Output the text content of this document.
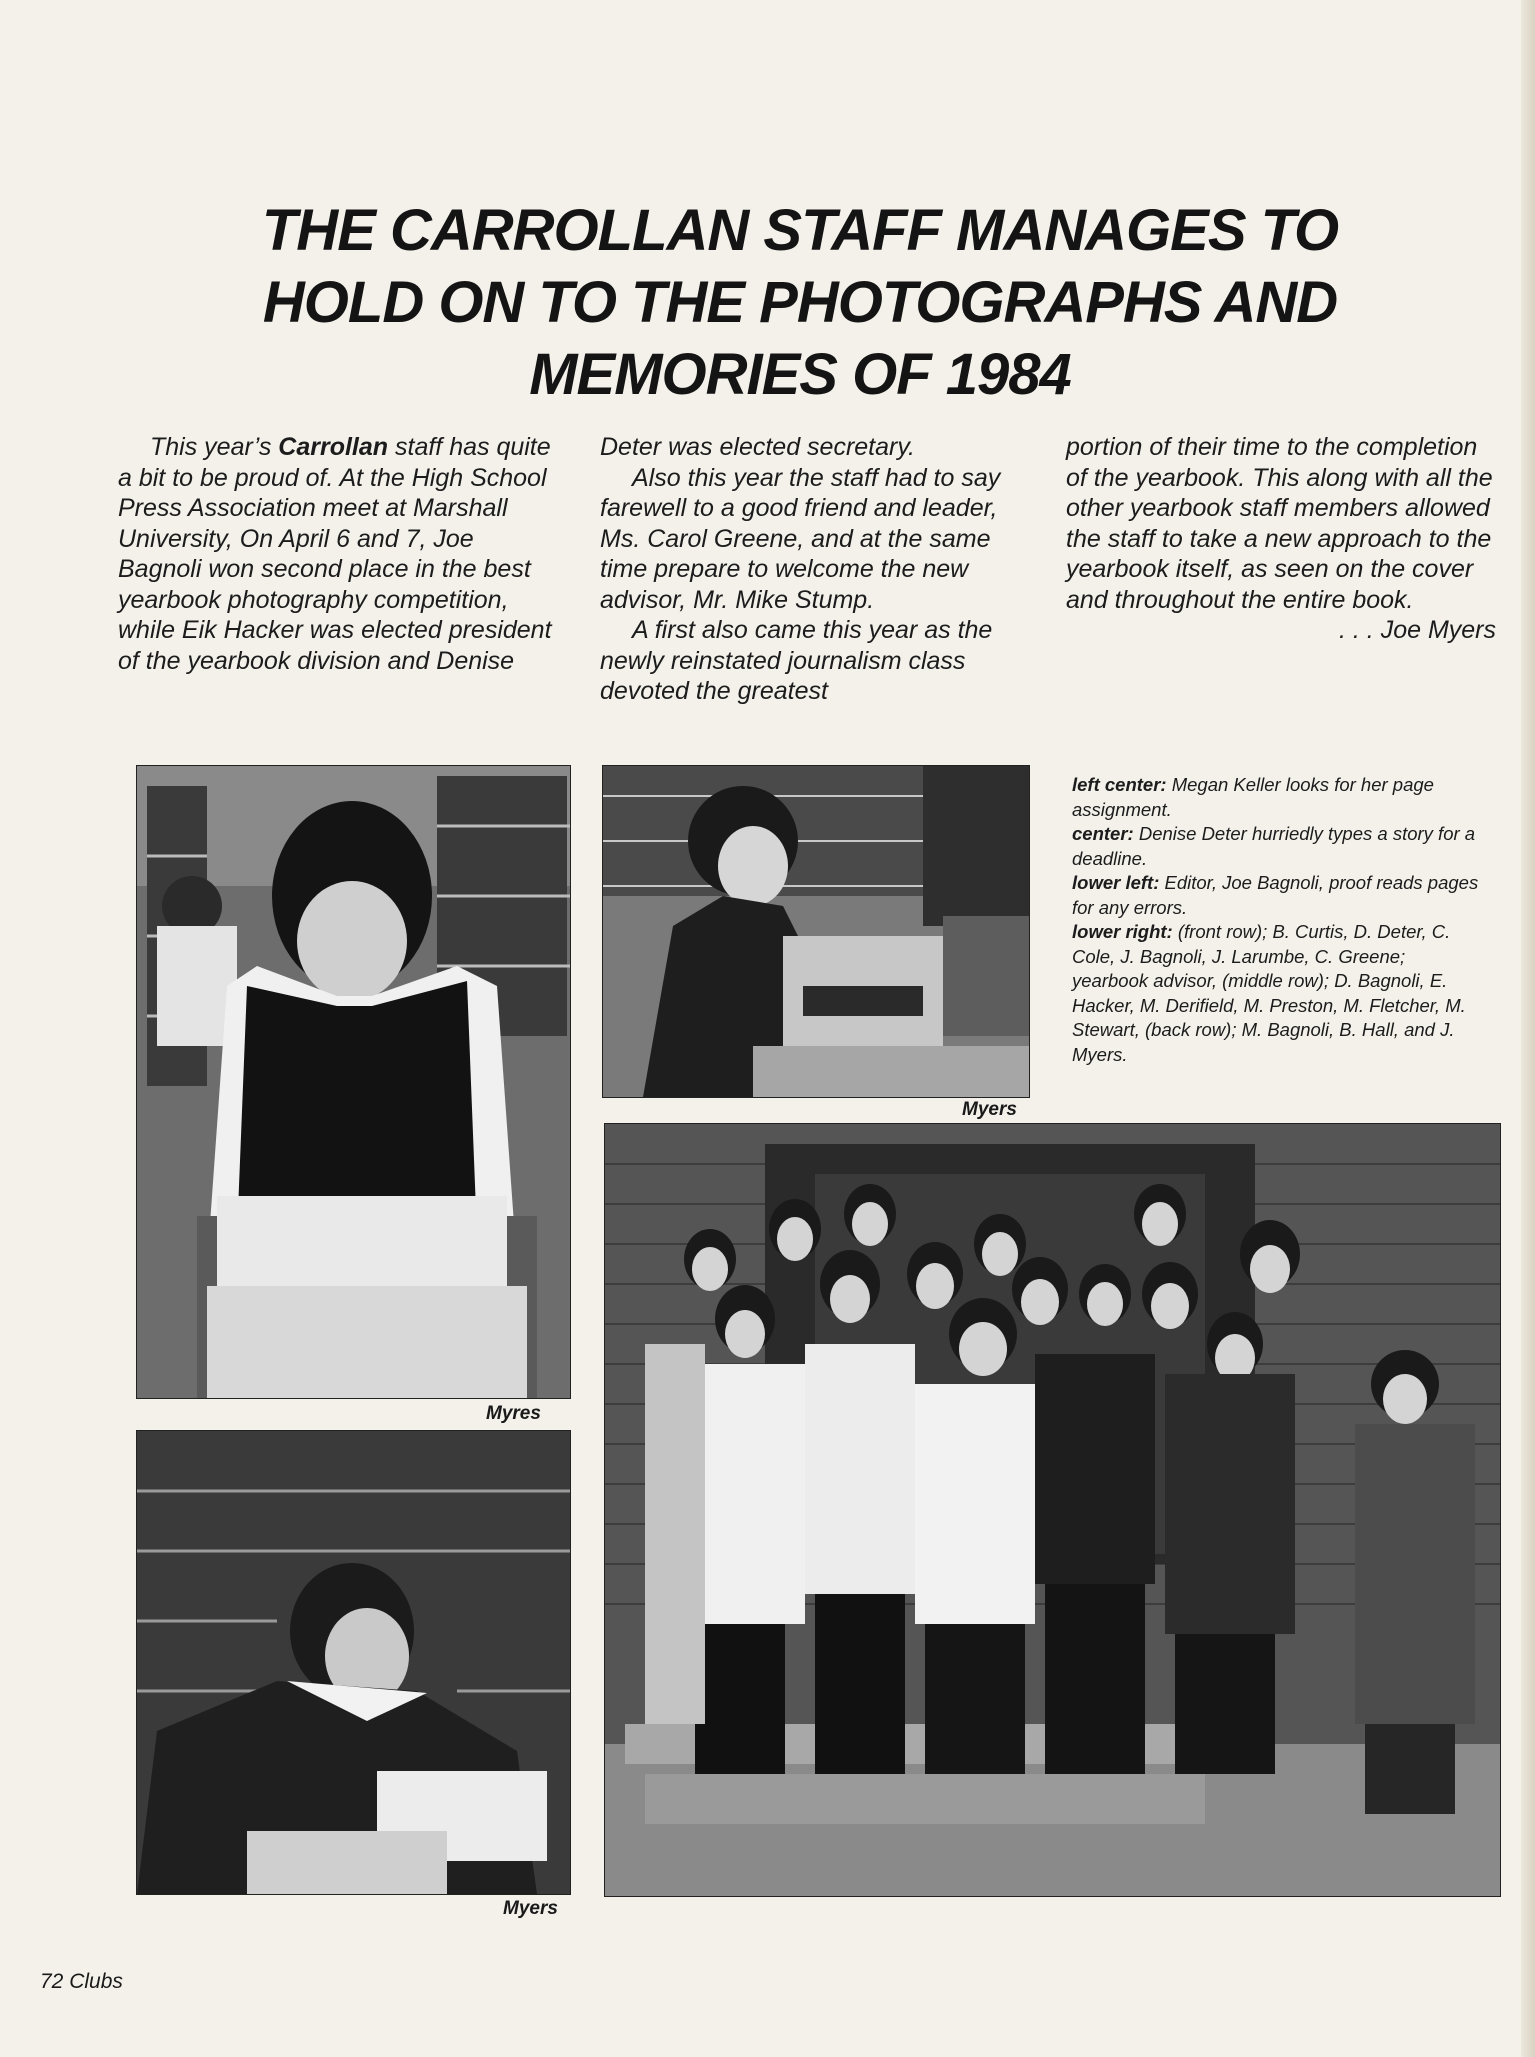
THE CARROLLAN STAFF MANAGES TO HOLD ON TO THE PHOTOGRAPHS AND MEMORIES OF 1984

This year’s Carrollan staff has quite a bit to be proud of. At the High School Press Association meet at Marshall University, On April 6 and 7, Joe Bagnoli won second place in the best yearbook photography competition, while Eik Hacker was elected president of the yearbook division and Denise

Deter was elected secretary.

Also this year the staff had to say farewell to a good friend and leader, Ms. Carol Greene, and at the same time prepare to welcome the new advisor, Mr. Mike Stump.

A first also came this year as the newly reinstated journalism class devoted the greatest

portion of their time to the completion of the yearbook. This along with all the other yearbook staff members allowed the staff to take a new approach to the yearbook itself, as seen on the cover and throughout the entire book.

. . . Joe Myers

Myres
Myers

left center: Megan Keller looks for her page assignment.

center: Denise Deter hurriedly types a story for a deadline.

lower left: Editor, Joe Bagnoli, proof reads pages for any errors.

lower right: (front row); B. Curtis, D. Deter, C. Cole, J. Bagnoli, J. Larumbe, C. Greene; yearbook advisor, (middle row); D. Bagnoli, E. Hacker, M. Derifield, M. Preston, M. Fletcher, M. Stewart, (back row); M. Bagnoli, B. Hall, and J. Myers.

Myers
72 Clubs
